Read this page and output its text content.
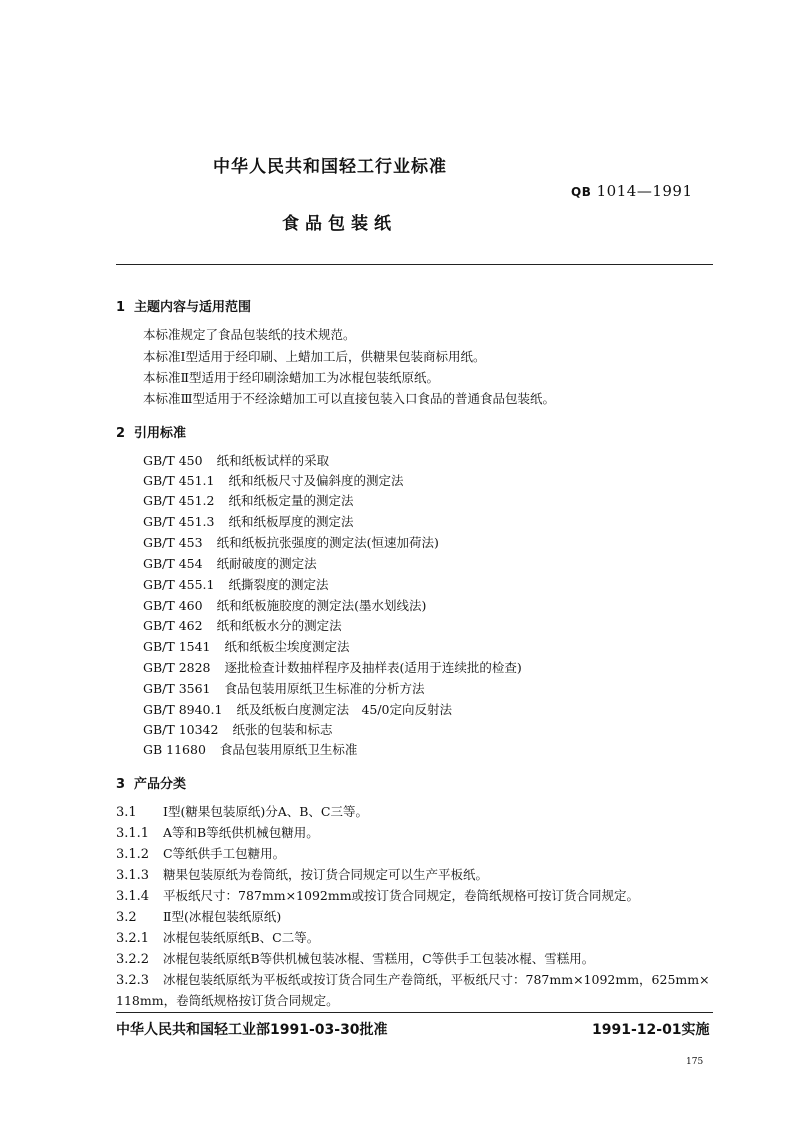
中华人民共和国轻工行业标准
QB 1014—1991
食品包装纸
1 主题内容与适用范围
本标准规定了食品包装纸的技术规范。
本标准Ⅰ型适用于经印刷、上蜡加工后，供糖果包装商标用纸。
本标准Ⅱ型适用于经印刷涂蜡加工为冰棍包装纸原纸。
本标准Ⅲ型适用于不经涂蜡加工可以直接包装入口食品的普通食品包装纸。
2 引用标准
GB/T 450 纸和纸板试样的采取
GB/T 451.1 纸和纸板尺寸及偏斜度的测定法
GB/T 451.2 纸和纸板定量的测定法
GB/T 451.3 纸和纸板厚度的测定法
GB/T 453 纸和纸板抗张强度的测定法(恒速加荷法)
GB/T 454 纸耐破度的测定法
GB/T 455.1 纸撕裂度的测定法
GB/T 460 纸和纸板施胶度的测定法(墨水划线法)
GB/T 462 纸和纸板水分的测定法
GB/T 1541 纸和纸板尘埃度测定法
GB/T 2828 逐批检查计数抽样程序及抽样表(适用于连续批的检查)
GB/T 3561 食品包装用原纸卫生标准的分析方法
GB/T 8940.1 纸及纸板白度测定法　45/0定向反射法
GB/T 10342 纸张的包装和标志
GB 11680 食品包装用原纸卫生标准
3 产品分类
3.1 Ⅰ型(糖果包装原纸)分A、B、C三等。
3.1.1 A等和B等纸供机械包糖用。
3.1.2 C等纸供手工包糖用。
3.1.3 糖果包装原纸为卷筒纸，按订货合同规定可以生产平板纸。
3.1.4 平板纸尺寸：787mm×1092mm或按订货合同规定，卷筒纸规格可按订货合同规定。
3.2 Ⅱ型(冰棍包装纸原纸)
3.2.1 冰棍包装纸原纸B、C二等。
3.2.2 冰棍包装纸原纸B等供机械包装冰棍、雪糕用，C等供手工包装冰棍、雪糕用。
3.2.3 冰棍包装纸原纸为平板纸或按订货合同生产卷筒纸，平板纸尺寸：787mm×1092mm，625mm×
118mm，卷筒纸规格按订货合同规定。
中华人民共和国轻工业部1991-03-30批准	1991-12-01实施
175
